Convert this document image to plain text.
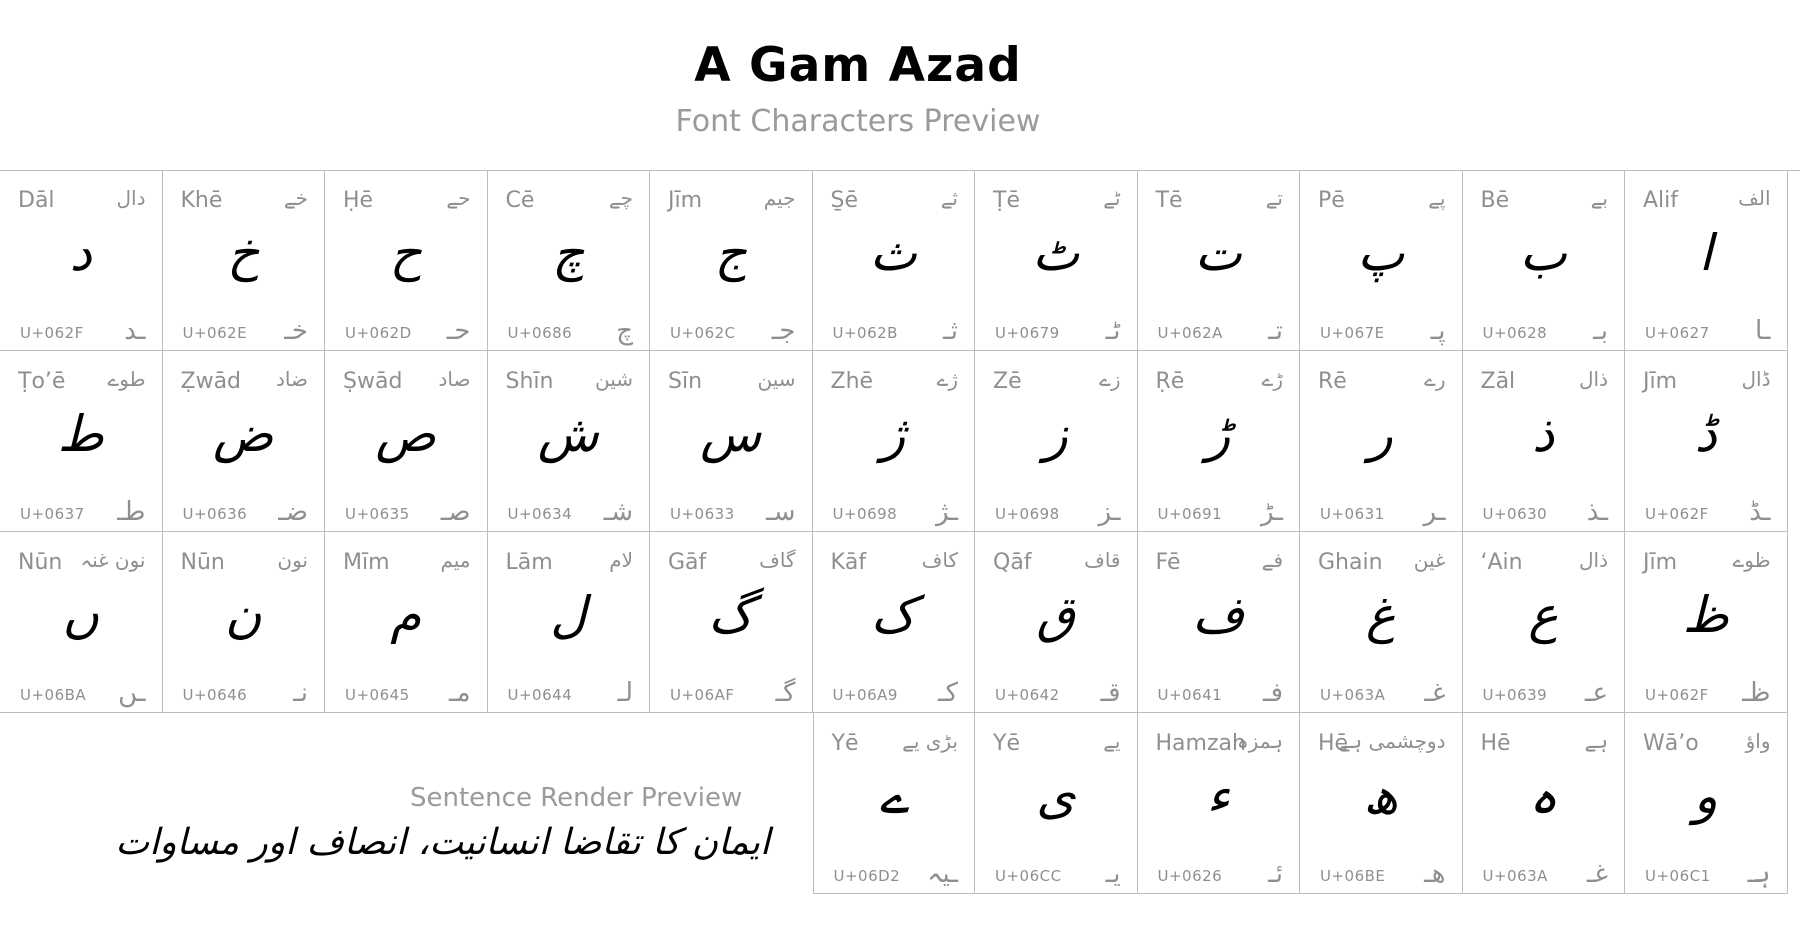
A Gam Azad
Font Characters Preview
Dāl	دال
د
U+062F ـد
Khē	خے
خ
U+062E خـ
Ḥē	حے
ح
U+062D حـ
Cē	چے
چ
U+0686 چ
Jīm	جیم
ج
U+062C جـ
S̱ē	ثے
ث
U+062B ثـ
Ṭē	ٹے
ٹ
U+0679 ٹـ
Tē	تے
ت
U+062A تـ
Pē	پے
پ
U+067E پـ
Bē	بے
ب
U+0628 بـ
Alif	الف
ا
U+0627 ـا
Ṭo’ē طوے
ط
U+0637 طـ
Ẓwād ضاد
ض
U+0636 ضـ
Ṣwād صاد
ص
U+0635 صـ
Shīn شین
ش
U+0634 شـ
Sīn	سین
س
U+0633 سـ
Zhē	ژے
ژ
U+0698 ـژ
Zē	زے
ز
U+0698 ـز
Ṛē	ڑے
ڑ
U+0691 ـڑ
Rē	رے
ر
U+0631 ـر
Zāl	ذال
ذ
U+0630 ـذ
Jīm	ڈال
ڈ
U+062F ـڈ
Nūn نون غنہ
ں
U+06BA ـں
Nūn	نون
ن
U+0646 نـ
Mīm	میم
م
U+0645 مـ
Lām	لام
ل
U+0644 لـ
Gāf	گاف
گ
U+06AF گـ
Kāf	کاف
ک
U+06A9 کـ
Qāf	قاف
ق
U+0642 قـ
Fē	فے
ف
U+0641 فـ
Ghain غین
غ
U+063A غـ
‘Ain	ذال
ع
U+0639 عـ
Jīm	ظوے
ظ
U+062F ظـ
Yē بڑی یے
ے
U+06D2 ـیہ
Yē	یے
ی
U+06CC یـ
Hamzah
ہمزہ
ء
U+0626 ئـ
Hē
دوچشمی ہے
ھ
U+06BE ھـ
Hē	ہے
ہ
U+063A غـ
Wā’o واؤ
و
U+06C1 ہـ
Sentence Render Preview
ایمان کا تقاضا انسانیت، انصاف اور مساوات
